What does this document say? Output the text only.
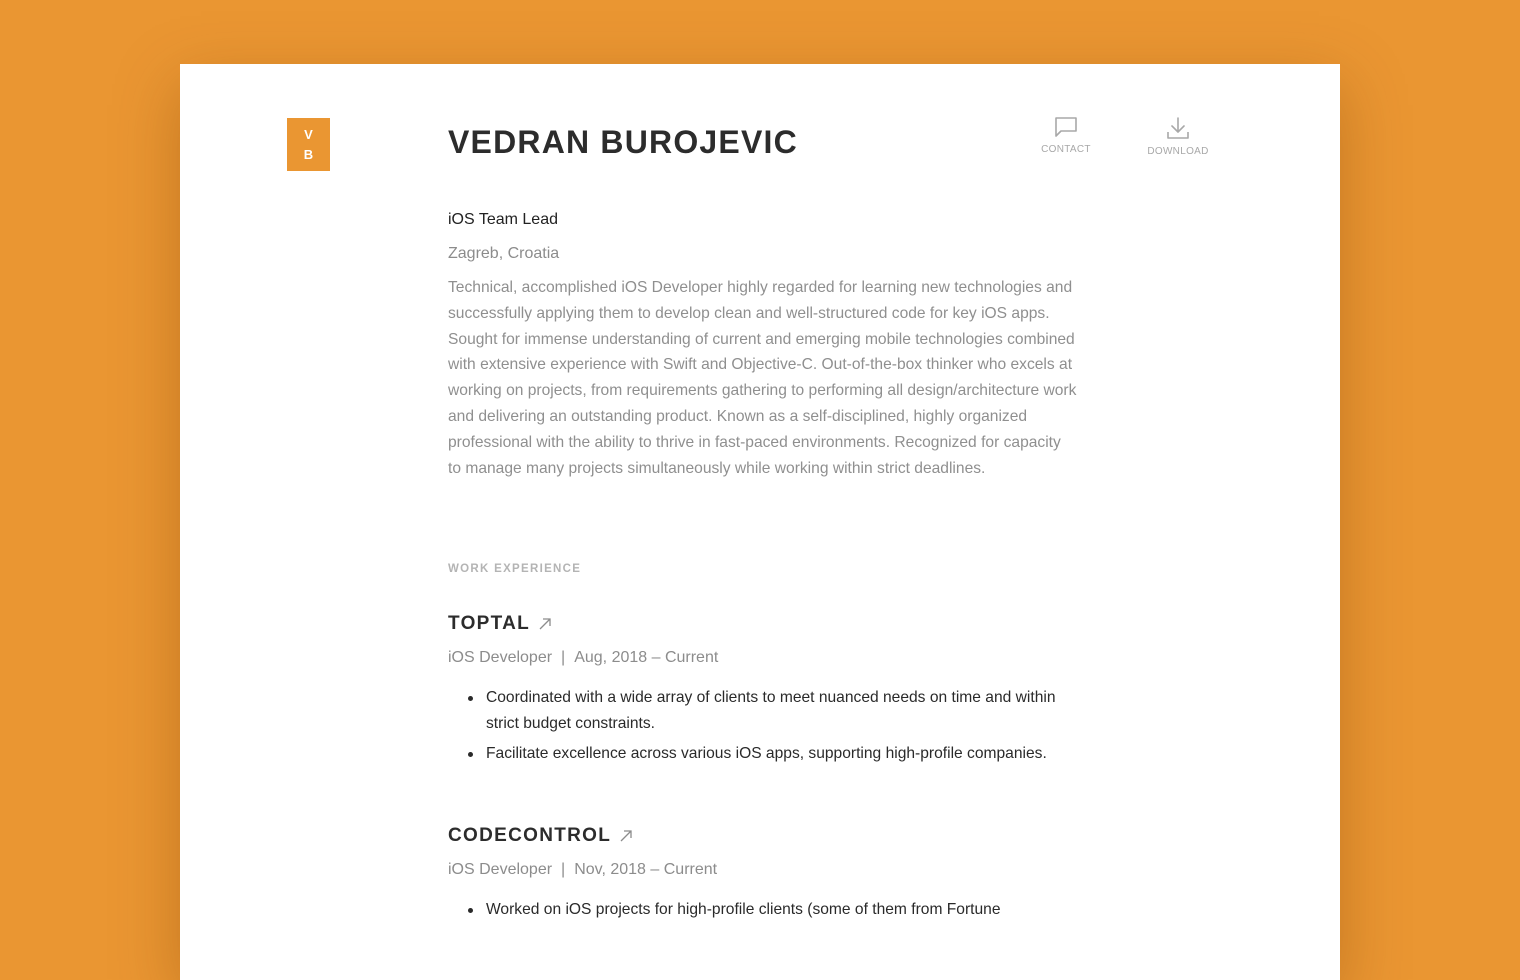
V
B	VEDRAN BUROJEVIC	CONTACT	DOWNLOAD
iOS Team Lead
Zagreb, Croatia

Technical, accomplished iOS Developer highly regarded for learning new technologies and successfully applying them to develop clean and well-structured code for key iOS apps. Sought for immense understanding of current and emerging mobile technologies combined with extensive experience with Swift and Objective-C. Out-of-the-box thinker who excels at working on projects, from requirements gathering to performing all design/architecture work and delivering an outstanding product. Known as a self-disciplined, highly organized professional with the ability to thrive in fast-paced environments. Recognized for capacity to manage many projects simultaneously while working within strict deadlines.

WORK EXPERIENCE
TOPTAL
iOS Developer | Aug, 2018 – Current
Coordinated with a wide array of clients to meet nuanced needs on time and within strict budget constraints.
Facilitate excellence across various iOS apps, supporting high-profile companies.
CODECONTROL
iOS Developer | Nov, 2018 – Current
Worked on iOS projects for high-profile clients (some of them from Fortune
